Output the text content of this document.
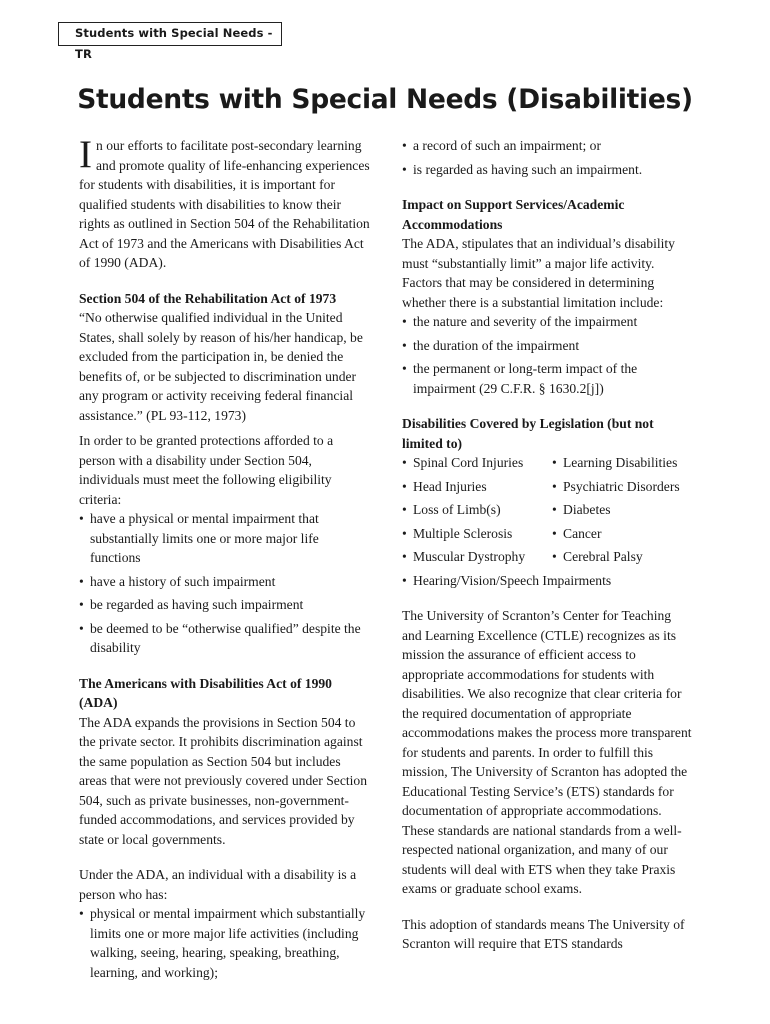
Students with Special Needs - TR
Students with Special Needs (Disabilities)

In our efforts to facilitate post-secondary learning and promote quality of life-enhancing experiences for students with disabilities, it is important for qualified students with disabilities to know their rights as outlined in Section 504 of the Rehabilitation Act of 1973 and the Americans with Disabilities Act of 1990 (ADA).

Section 504 of the Rehabilitation Act of 1973

“No otherwise qualified individual in the United States, shall solely by reason of his/her handicap, be excluded from the participation in, be denied the benefits of, or be subjected to discrimination under any program or activity receiving federal financial assistance.” (PL 93-112, 1973)

In order to be granted protections afforded to a person with a disability under Section 504, individuals must meet the following eligibility criteria:

• have a physical or mental impairment that substantially limits one or more major life functions
• have a history of such impairment
• be regarded as having such impairment
• be deemed to be “otherwise qualified” despite the disability
The Americans with Disabilities Act of 1990 (ADA)

The ADA expands the provisions in Section 504 to the private sector. It prohibits discrimination against the same population as Section 504 but includes areas that were not previously covered under Section 504, such as private businesses, non-government-funded accommodations, and services provided by state or local governments.

Under the ADA, an individual with a disability is a person who has:

• physical or mental impairment which substantially limits one or more major life activities (including walking, seeing, hearing, speaking, breathing, learning, and working);
• a record of such an impairment; or
• is regarded as having such an impairment.
Impact on Support Services/Academic Accommodations

The ADA, stipulates that an individual’s disability must “substantially limit” a major life activity. Factors that may be considered in determining whether there is a substantial limitation include:

• the nature and severity of the impairment
• the duration of the impairment
• the permanent or long-term impact of the impairment (29 C.F.R. § 1630.2[j])
Disabilities Covered by Legislation (but not limited to)
• Spinal Cord Injuries	• Learning Disabilities
• Head Injuries	• Psychiatric Disorders
• Loss of Limb(s)	• Diabetes
• Multiple Sclerosis	• Cancer
• Muscular Dystrophy	• Cerebral Palsy
• Hearing/Vision/Speech Impairments

The University of Scranton’s Center for Teaching and Learning Excellence (CTLE) recognizes as its mission the assurance of efficient access to appropriate accommodations for students with disabilities. We also recognize that clear criteria for the required documentation of appropriate accommodations makes the process more transparent for students and parents. In order to fulfill this mission, The University of Scranton has adopted the Educational Testing Service’s (ETS) standards for documentation of appropriate accommodations. These standards are national standards from a well-respected national organization, and many of our students will deal with ETS when they take Praxis exams or graduate school exams.

This adoption of standards means The University of Scranton will require that ETS standards
